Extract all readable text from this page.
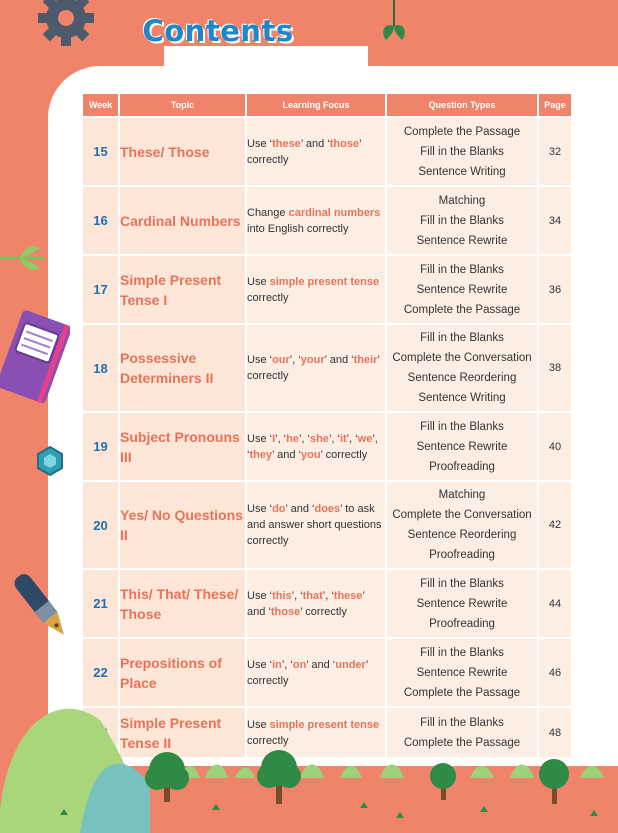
Contents
Week	Topic	Learning Focus	Question Types	Page
15	These/ Those	Use ‘these’ and ‘those’ correctly	Complete the Passage
Fill in the Blanks
Sentence Writing	32
16	Cardinal Numbers	Change cardinal numbers into English correctly	Matching
Fill in the Blanks
Sentence Rewrite	34
17	Simple Present Tense I	Use simple present tense correctly	Fill in the Blanks
Sentence Rewrite
Complete the Passage	36
18	Possessive Determiners II	Use ‘our’, ‘your’ and ‘their’ correctly	Fill in the Blanks
Complete the Conversation
Sentence Reordering
Sentence Writing	38
19	Subject Pronouns III	Use ‘I’, ‘he’, ‘she’, ‘it’, ‘we’, ‘they’ and ‘you’ correctly	Fill in the Blanks
Sentence Rewrite
Proofreading	40
20	Yes/ No Questions II	Use ‘do’ and ‘does’ to ask and answer short questions correctly	Matching
Complete the Conversation
Sentence Reordering
Proofreading	42
21	This/ That/ These/ Those	Use ‘this’, ‘that’, ‘these’ and ‘those’ correctly	Fill in the Blanks
Sentence Rewrite
Proofreading	44
22	Prepositions of Place	Use ‘in’, ‘on’ and ‘under’ correctly	Fill in the Blanks
Sentence Rewrite
Complete the Passage	46
	Simple Present Tense II	Use simple present tense correctly	Fill in the Blanks
Complete the Passage	48
